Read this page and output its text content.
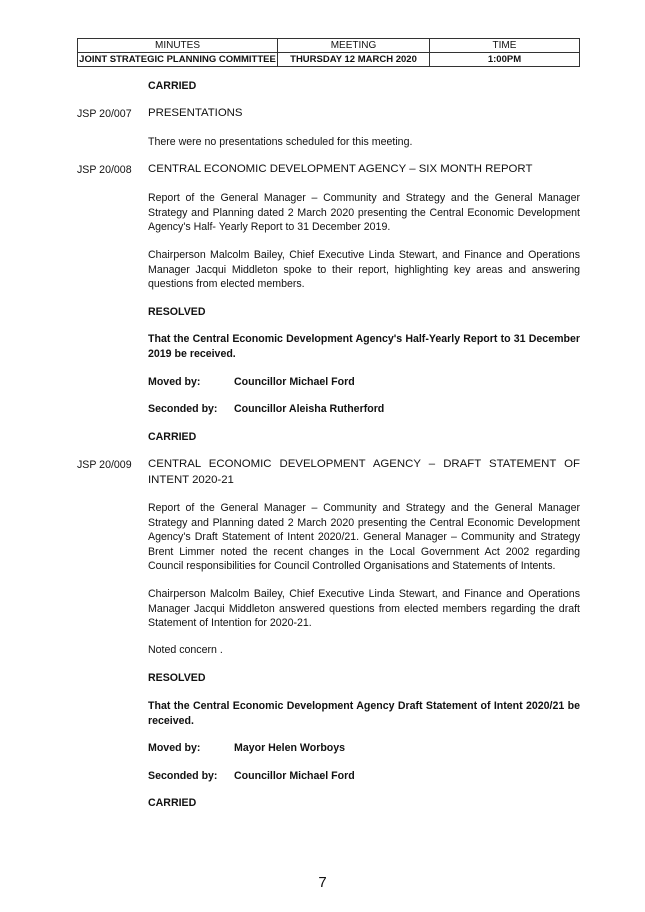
MINUTES	MEETING	TIME
JOINT STRATEGIC PLANNING COMMITTEE	THURSDAY 12 MARCH 2020	1:00PM
CARRIED
JSP 20/007 PRESENTATIONS
There were no presentations scheduled for this meeting.
JSP 20/008 CENTRAL ECONOMIC DEVELOPMENT AGENCY – SIX MONTH REPORT
Report of the General Manager – Community and Strategy and the General Manager Strategy and Planning dated 2 March 2020 presenting the Central Economic Development Agency's Half- Yearly Report to 31 December 2019.
Chairperson Malcolm Bailey, Chief Executive Linda Stewart, and Finance and Operations Manager Jacqui Middleton spoke to their report, highlighting key areas and answering questions from elected members.
RESOLVED
That the Central Economic Development Agency's Half-Yearly Report to 31 December 2019 be received.
Moved by:	Councillor Michael Ford
Seconded by: Councillor Aleisha Rutherford
CARRIED
JSP 20/009 CENTRAL ECONOMIC DEVELOPMENT AGENCY – DRAFT STATEMENT OF INTENT 2020-21
Report of the General Manager – Community and Strategy and the General Manager Strategy and Planning dated 2 March 2020 presenting the Central Economic Development Agency's Draft Statement of Intent 2020/21. General Manager – Community and Strategy Brent Limmer noted the recent changes in the Local Government Act 2002 regarding Council responsibilities for Council Controlled Organisations and Statements of Intents.
Chairperson Malcolm Bailey, Chief Executive Linda Stewart, and Finance and Operations Manager Jacqui Middleton answered questions from elected members regarding the draft Statement of Intention for 2020-21.
Noted concern .
RESOLVED
That the Central Economic Development Agency Draft Statement of Intent 2020/21 be received.
Moved by:	Mayor Helen Worboys
Seconded by: Councillor Michael Ford
CARRIED
7
